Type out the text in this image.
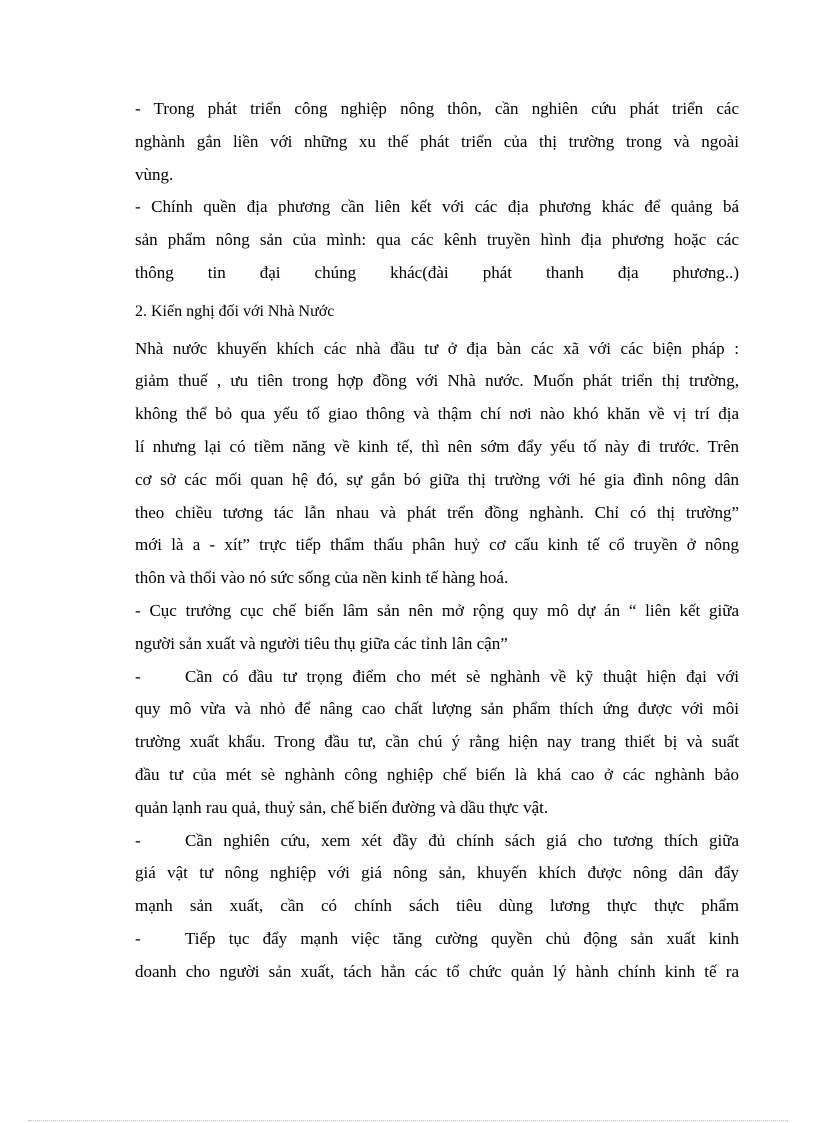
- Trong phát triển công nghiệp nông thôn, cần nghiên cứu phát triển các
nghành gắn liền với những xu thế phát triển của thị trường trong và ngoài
vùng.
- Chính quền địa phương cần liên kết với các địa phương khác để quảng bá
sản phẩm nông sản của mình: qua các kênh truyền hình địa phương hoặc các
thông tin đại chúng khác(đài phát thanh địa phương..)
2. Kiến nghị đối với Nhà Nước
Nhà nước khuyến khích các nhà đầu tư ở địa bàn các xã với các biện pháp :
giảm thuế , ưu tiên trong hợp đồng với Nhà nước. Muốn phát triển thị trường,
không thể bỏ qua yếu tố giao thông và thậm chí nơi nào khó khăn về vị trí địa
lí nhưng lại có tiềm năng về kinh tế, thì nên sớm đẩy yếu tố này đi trước. Trên
cơ sở các mối quan hệ đó, sự gắn bó giữa thị trường với hé gia đình nông dân
theo chiều tương tác lẫn nhau và phát trển đồng nghành. Chỉ có thị trường”
mới là a - xít” trực tiếp thẩm thấu phân huỷ cơ cấu kinh tế cổ truyền ở nông
thôn và thổi vào nó sức sống của nền kinh tế hàng hoá.
- Cục trưởng cục chế biến lâm sản nên mở rộng quy mô dự án “ liên kết giữa
người sản xuất và người tiêu thụ giữa các tỉnh lân cận”
-	Cần có đầu tư trọng điểm cho mét sè nghành về kỹ thuật hiện đại với
quy mô vừa và nhỏ để nâng cao chất lượng sản phẩm thích ứng được với môi
trường xuất khẩu. Trong đầu tư, cần chú ý rằng hiện nay trang thiết bị và suất
đầu tư của mét sè nghành công nghiệp chế biến là khá cao ở các nghành bảo
quản lạnh rau quả, thuỷ sản, chế biến đường và dầu thực vật.
-	Cần nghiên cứu, xem xét đầy đủ chính sách giá cho tương thích giữa
giá vật tư nông nghiệp với giá nông sản, khuyến khích được nông dân đẩy
mạnh sản xuất, cần có chính sách tiêu dùng lương thực thực phẩm
-	Tiếp tục đẩy mạnh việc tăng cường quyền chủ động sản xuất kinh
doanh cho người sản xuất, tách hẳn các tổ chức quản lý hành chính kinh tế ra
